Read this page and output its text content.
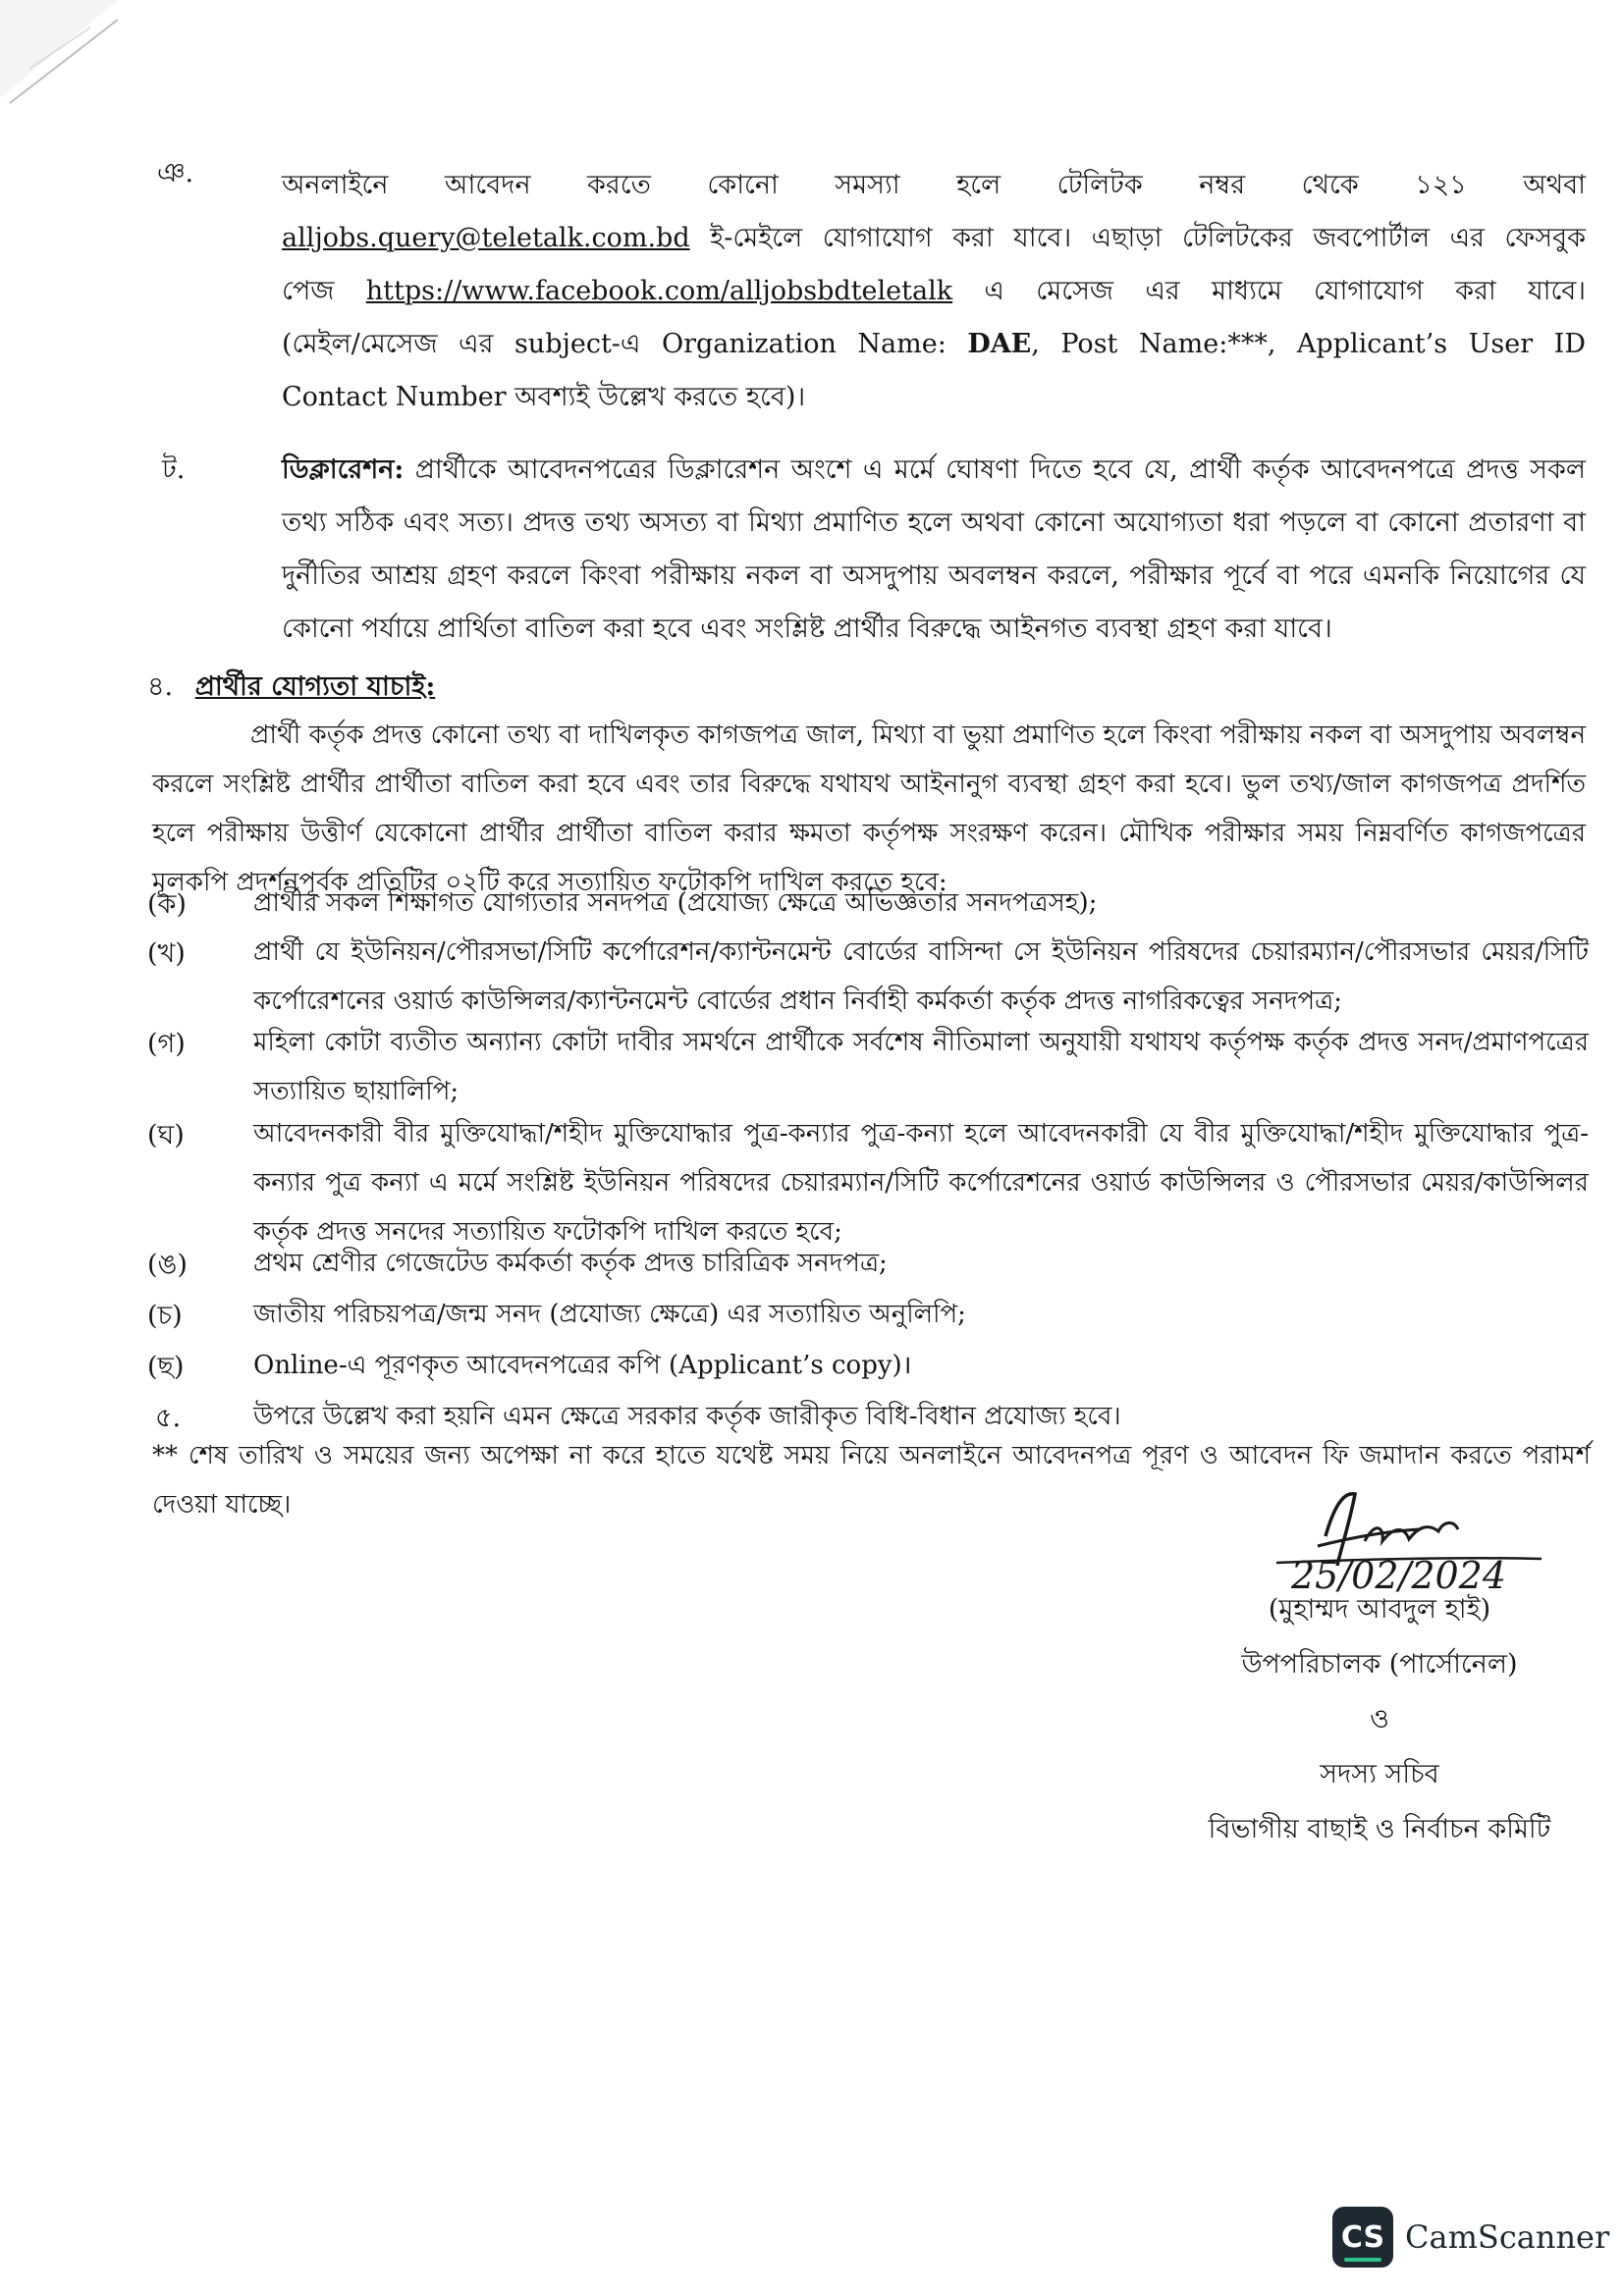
ঞ.	অনলাইনে আবেদন করতে কোনো সমস্যা হলে টেলিটক নম্বর থেকে ১২১ অথবা
alljobs.query@teletalk.com.bd ই-মেইলে যোগাযোগ করা যাবে। এছাড়া টেলিটকের জবপোর্টাল এর ফেসবুক
পেজ https://www.facebook.com/alljobsbdteletalk এ মেসেজ এর মাধ্যমে যোগাযোগ করা যাবে।
(মেইল/মেসেজ এর subject-এ Organization Name: DAE, Post Name:***, Applicant’s User ID
Contact Number অবশ্যই উল্লেখ করতে হবে)।
ট.	ডিক্লারেশন: প্রার্থীকে আবেদনপত্রের ডিক্লারেশন অংশে এ মর্মে ঘোষণা দিতে হবে যে, প্রার্থী কর্তৃক আবেদনপত্রে প্রদত্ত সকল তথ্য সঠিক এবং সত্য। প্রদত্ত তথ্য অসত্য বা মিথ্যা প্রমাণিত হলে অথবা কোনো অযোগ্যতা ধরা পড়লে বা কোনো প্রতারণা বা দুর্নীতির আশ্রয় গ্রহণ করলে কিংবা পরীক্ষায় নকল বা অসদুপায় অবলম্বন করলে, পরীক্ষার পূর্বে বা পরে এমনকি নিয়োগের যে কোনো পর্যায়ে প্রার্থিতা বাতিল করা হবে এবং সংশ্লিষ্ট প্রার্থীর বিরুদ্ধে আইনগত ব্যবস্থা গ্রহণ করা যাবে।

৪. প্রার্থীর যোগ্যতা যাচাই:

প্রার্থী কর্তৃক প্রদত্ত কোনো তথ্য বা দাখিলকৃত কাগজপত্র জাল, মিথ্যা বা ভুয়া প্রমাণিত হলে কিংবা পরীক্ষায় নকল বা অসদুপায় অবলম্বন করলে সংশ্লিষ্ট প্রার্থীর প্রার্থীতা বাতিল করা হবে এবং তার বিরুদ্ধে যথাযথ আইনানুগ ব্যবস্থা গ্রহণ করা হবে। ভুল তথ্য/জাল কাগজপত্র প্রদর্শিত হলে পরীক্ষায় উত্তীর্ণ যেকোনো প্রার্থীর প্রার্থীতা বাতিল করার ক্ষমতা কর্তৃপক্ষ সংরক্ষণ করেন। মৌখিক পরীক্ষার সময় নিম্নবর্ণিত কাগজপত্রের মূলকপি প্রদর্শনপূর্বক প্রতিটির ০২টি করে সত্যায়িত ফটোকপি দাখিল করতে হবে:

(ক)	প্রার্থীর সকল শিক্ষাগত যোগ্যতার সনদপত্র (প্রযোজ্য ক্ষেত্রে অভিজ্ঞতার সনদপত্রসহ);
(খ)	প্রার্থী যে ইউনিয়ন/পৌরসভা/সিটি কর্পোরেশন/ক্যান্টনমেন্ট বোর্ডের বাসিন্দা সে ইউনিয়ন পরিষদের চেয়ারম্যান/পৌরসভার মেয়র/সিটি কর্পোরেশনের ওয়ার্ড কাউন্সিলর/ক্যান্টনমেন্ট বোর্ডের প্রধান নির্বাহী কর্মকর্তা কর্তৃক প্রদত্ত নাগরিকত্বের সনদপত্র;
(গ)	মহিলা কোটা ব্যতীত অন্যান্য কোটা দাবীর সমর্থনে প্রার্থীকে সর্বশেষ নীতিমালা অনুযায়ী যথাযথ কর্তৃপক্ষ কর্তৃক প্রদত্ত সনদ/প্রমাণপত্রের সত্যায়িত ছায়ালিপি;
(ঘ)	আবেদনকারী বীর মুক্তিযোদ্ধা/শহীদ মুক্তিযোদ্ধার পুত্র-কন্যার পুত্র-কন্যা হলে আবেদনকারী যে বীর মুক্তিযোদ্ধা/শহীদ মুক্তিযোদ্ধার পুত্র-কন্যার পুত্র কন্যা এ মর্মে সংশ্লিষ্ট ইউনিয়ন পরিষদের চেয়ারম্যান/সিটি কর্পোরেশনের ওয়ার্ড কাউন্সিলর ও পৌরসভার মেয়র/কাউন্সিলর কর্তৃক প্রদত্ত সনদের সত্যায়িত ফটোকপি দাখিল করতে হবে;
(ঙ)	প্রথম শ্রেণীর গেজেটেড কর্মকর্তা কর্তৃক প্রদত্ত চারিত্রিক সনদপত্র;
(চ)	জাতীয় পরিচয়পত্র/জন্ম সনদ (প্রযোজ্য ক্ষেত্রে) এর সত্যায়িত অনুলিপি;
(ছ)	Online-এ পূরণকৃত আবেদনপত্রের কপি (Applicant’s copy)।
৫.	উপরে উল্লেখ করা হয়নি এমন ক্ষেত্রে সরকার কর্তৃক জারীকৃত বিধি-বিধান প্রযোজ্য হবে।

** শেষ তারিখ ও সময়ের জন্য অপেক্ষা না করে হাতে যথেষ্ট সময় নিয়ে অনলাইনে আবেদনপত্র পূরণ ও আবেদন ফি জমাদান করতে পরামর্শ দেওয়া যাচ্ছে।

25/02/2024
(মুহাম্মদ আবদুল হাই)
উপপরিচালক (পার্সোনেল)
ও
সদস্য সচিব
বিভাগীয় বাছাই ও নির্বাচন কমিটি
CS CamScanner
